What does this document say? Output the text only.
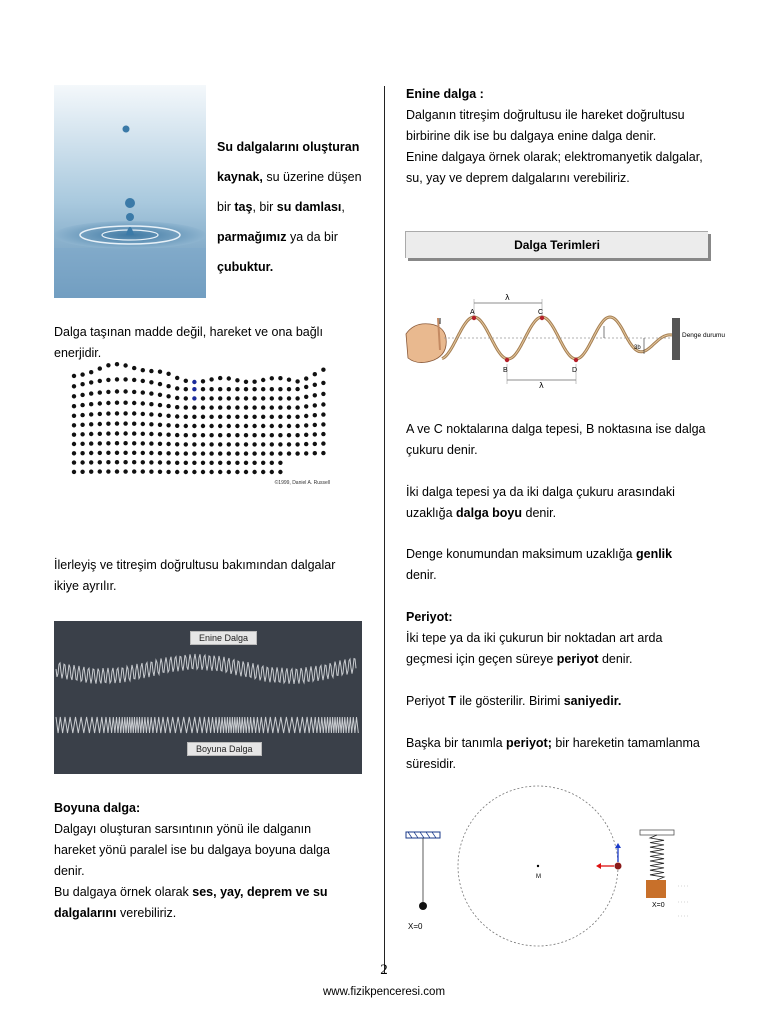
Su dalgalarını oluşturan kaynak, su üzerine düşen bir taş, bir su damlası, parmağımız ya da bir çubuktur.

Dalga taşınan madde değil, hareket ve ona bağlı enerjidir.

©1999, Daniel A. Russell

İlerleyiş ve titreşim doğrultusu bakımından dalgalar ikiye ayrılır.

Enine Dalga
Boyuna Dalga

Boyuna dalga:

Dalgayı oluşturan sarsıntının yönü ile dalganın hareket yönü paralel ise bu dalgaya boyuna dalga denir.

Bu dalgaya örnek olarak ses, yay, deprem ve su dalgalarını verebiliriz.

Enine dalga :

Dalganın titreşim doğrultusu ile hareket doğrultusu birbirine dik ise bu dalgaya enine dalga denir.

Enine dalgaya örnek olarak; elektromanyetik dalgalar, su, yay ve deprem dalgalarını verebiliriz.

Dalga Terimleri
A	C
B	D
λ
λ
3b
Denge durumu

A ve C noktalarına dalga tepesi, B noktasına ise dalga çukuru denir.

İki dalga tepesi ya da iki dalga çukuru arasındaki uzaklığa dalga boyu denir.

Denge konumundan maksimum uzaklığa genlik denir.

Periyot:

İki tepe ya da iki çukurun bir noktadan art arda geçmesi için geçen süreye periyot denir.

Periyot T ile gösterilir. Birimi saniyedir.

Başka bir tanımla periyot; bir hareketin tamamlanma süresidir.

X=0
M
X=0
2
www.fizikpenceresi.com
